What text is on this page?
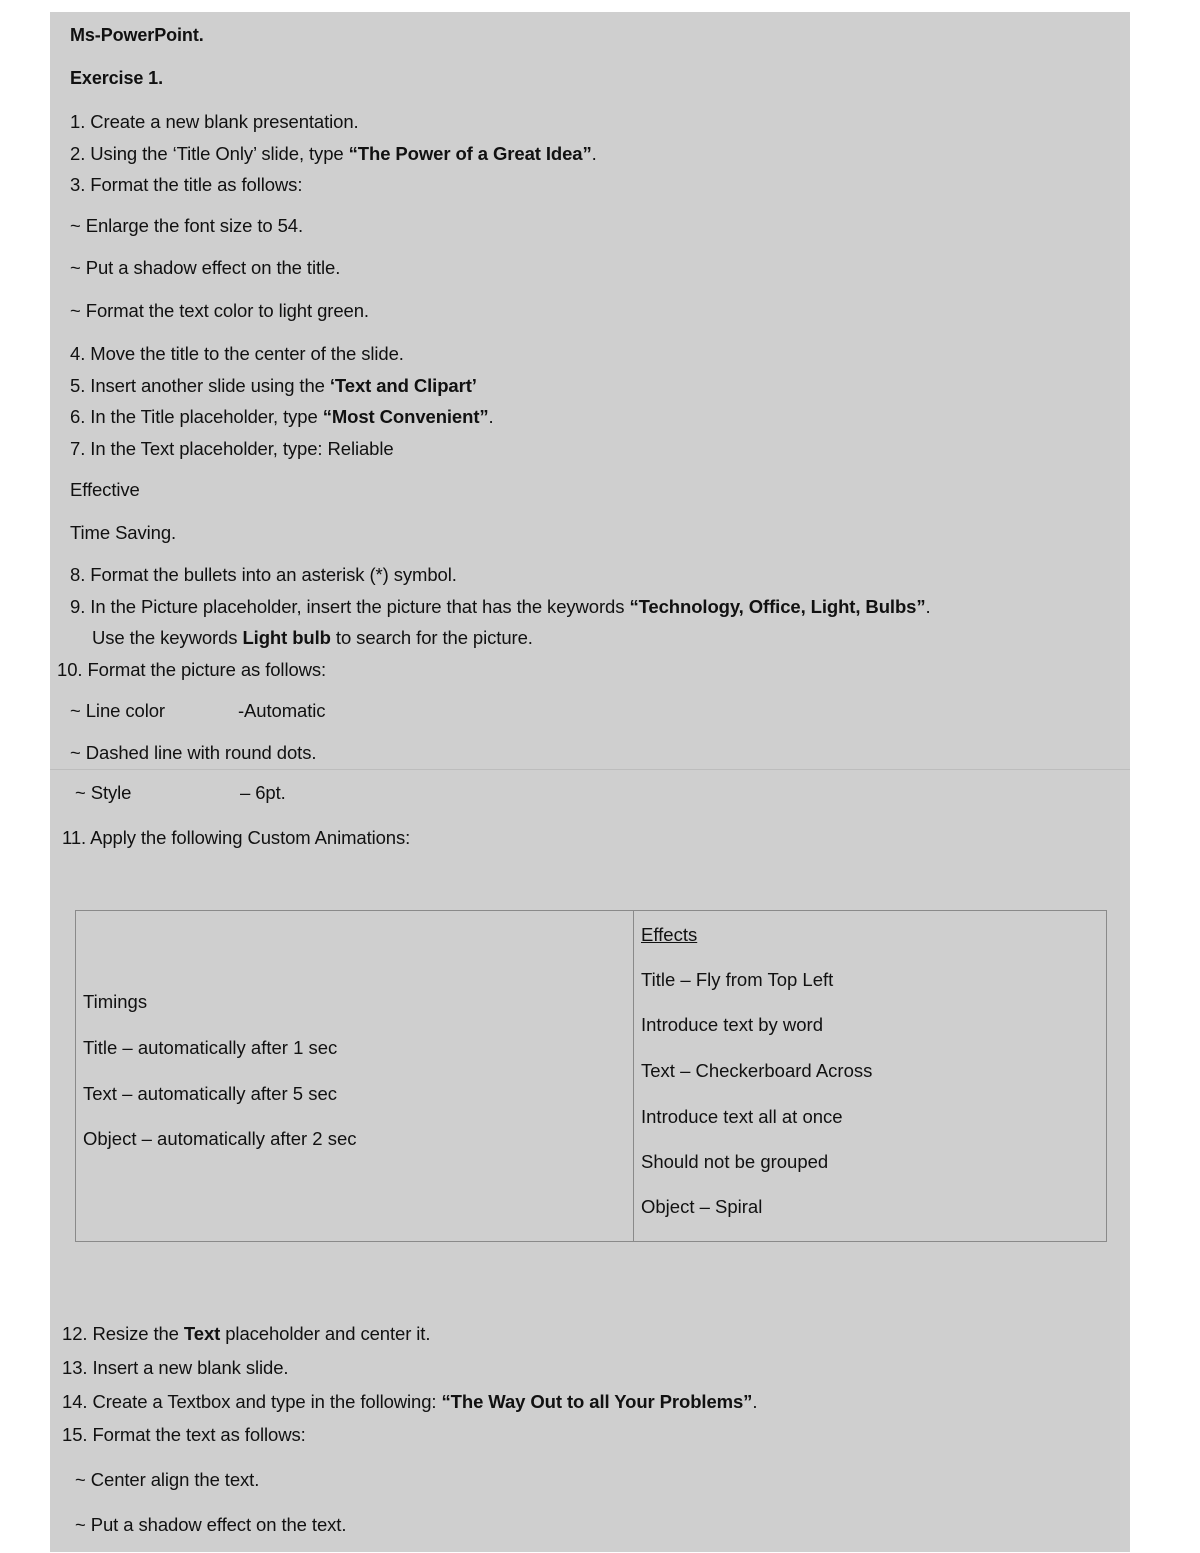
Ms-PowerPoint.
Exercise 1.
1. Create a new blank presentation.
2. Using the ‘Title Only’ slide, type “The Power of a Great Idea”.
3. Format the title as follows:
~ Enlarge the font size to 54.
~ Put a shadow effect on the title.
~ Format the text color to light green.
4. Move the title to the center of the slide.
5. Insert another slide using the ‘Text and Clipart’
6. In the Title placeholder, type “Most Convenient”.
7. In the Text placeholder, type: Reliable
Effective
Time Saving.
8. Format the bullets into an asterisk (*) symbol.
9. In the Picture placeholder, insert the picture that has the keywords “Technology, Office, Light, Bulbs”.
Use the keywords Light bulb to search for the picture.
10. Format the picture as follows:
~ Line color	-Automatic
~ Dashed line with round dots.
~ Style	– 6pt.
11. Apply the following Custom Animations:
Timings
Title – automatically after 1 sec
Text – automatically after 5 sec
Object – automatically after 2 sec

Effects
Title – Fly from Top Left
Introduce text by word
Text – Checkerboard Across
Introduce text all at once
Should not be grouped
Object – Spiral
12. Resize the Text placeholder and center it.
13. Insert a new blank slide.
14. Create a Textbox and type in the following: “The Way Out to all Your Problems”.
15. Format the text as follows:
~ Center align the text.
~ Put a shadow effect on the text.
